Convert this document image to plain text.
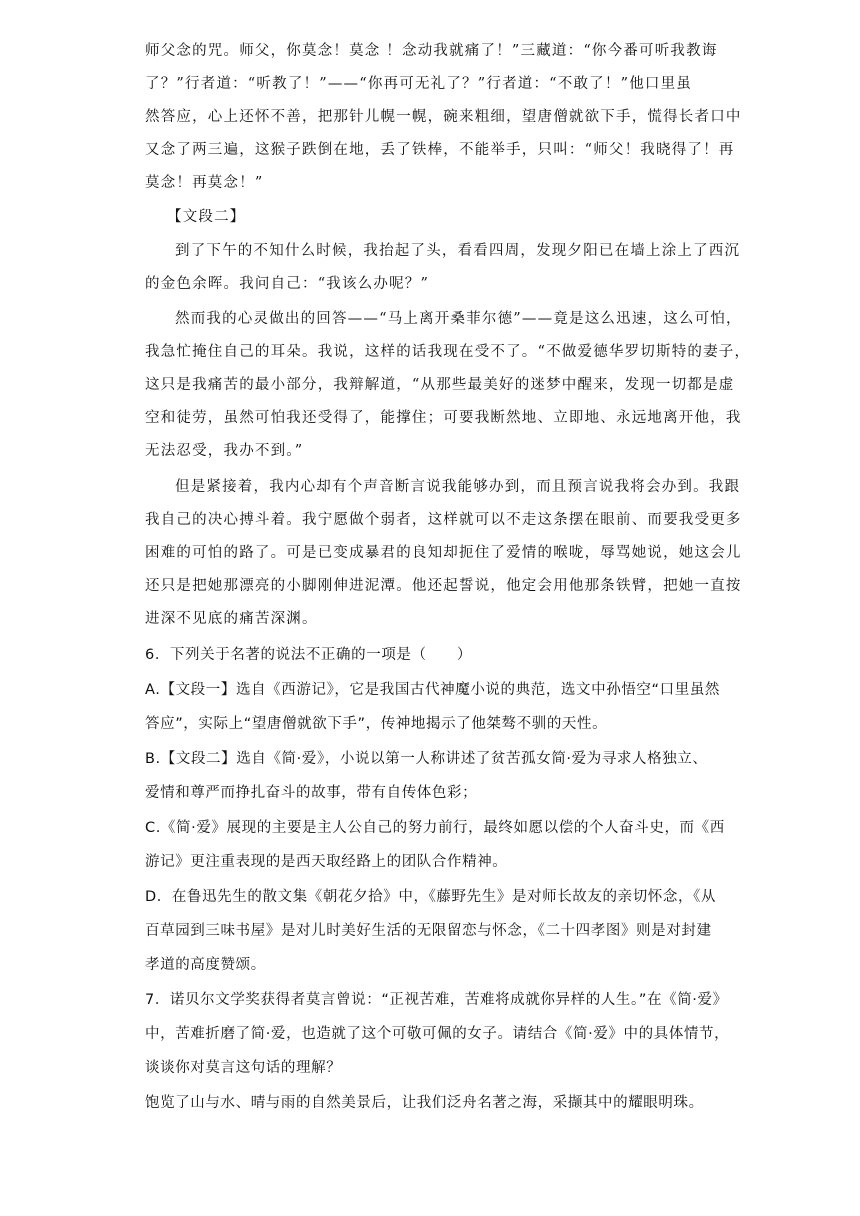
师父念的咒。师父，你莫念！莫念 ！念动我就痛了！”三藏道：“你今番可听我教诲
了？”行者道：“听教了！”——“你再可无礼了？”行者道：“不敢了！”他口里虽
然答应，心上还怀不善，把那针儿幌一幌，碗来粗细，望唐僧就欲下手，慌得长者口中
又念了两三遍，这猴子跌倒在地，丢了铁棒，不能举手，只叫：“师父！我晓得了！再
莫念！再莫念！”
【文段二】
到了下午的不知什么时候，我抬起了头，看看四周，发现夕阳已在墙上涂上了西沉
的金色余晖。我问自己：“我该么办呢？”
然而我的心灵做出的回答——“马上离开桑菲尔德”——竟是这么迅速，这么可怕，
我急忙掩住自己的耳朵。我说，这样的话我现在受不了。“不做爱德华罗切斯特的妻子，
这只是我痛苦的最小部分，我辩解道，“从那些最美好的迷梦中醒来，发现一切都是虚
空和徒劳，虽然可怕我还受得了，能撑住；可要我断然地、立即地、永远地离开他，我
无法忍受，我办不到。”
但是紧接着，我内心却有个声音断言说我能够办到，而且预言说我将会办到。我跟
我自己的决心搏斗着。我宁愿做个弱者，这样就可以不走这条摆在眼前、而要我受更多
困难的可怕的路了。可是已变成暴君的良知却扼住了爱情的喉咙，辱骂她说，她这会儿
还只是把她那漂亮的小脚刚伸进泥潭。他还起誓说，他定会用他那条铁臂，把她一直按
进深不见底的痛苦深渊。
6．下列关于名著的说法不正确的一项是（　　）
A.【文段一】选自《西游记》，它是我国古代神魔小说的典范，选文中孙悟空“口里虽然
答应”，实际上“望唐僧就欲下手”，传神地揭示了他桀骜不驯的天性。
B.【文段二】选自《简·爱》，小说以第一人称讲述了贫苦孤女简·爱为寻求人格独立、
爱情和尊严而挣扎奋斗的故事，带有自传体色彩；
C.《简·爱》展现的主要是主人公自己的努力前行，最终如愿以偿的个人奋斗史，而《西
游记》更注重表现的是西天取经路上的团队合作精神。
D．在鲁迅先生的散文集《朝花夕拾》中，《藤野先生》是对师长故友的亲切怀念，《从
百草园到三味书屋》是对儿时美好生活的无限留恋与怀念，《二十四孝图》则是对封建
孝道的高度赞颂。
7．诺贝尔文学奖获得者莫言曾说：“正视苦难，苦难将成就你异样的人生。”在《简·爱》
中，苦难折磨了简·爱，也造就了这个可敬可佩的女子。请结合《简·爱》中的具体情节，
谈谈你对莫言这句话的理解？
饱览了山与水、晴与雨的自然美景后，让我们泛舟名著之海，采撷其中的耀眼明珠。
